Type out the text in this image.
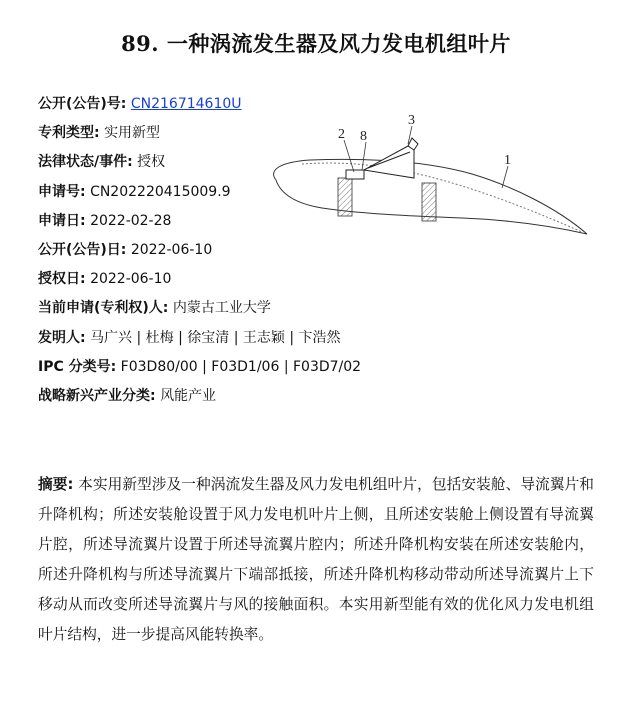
89. 一种涡流发生器及风力发电机组叶片
公开(公告)号: CN216714610U
专利类型: 实用新型
法律状态/事件: 授权
申请号: CN202220415009.9
申请日: 2022-02-28
公开(公告)日: 2022-06-10
授权日: 2022-06-10
当前申请(专利权)人: 内蒙古工业大学
发明人: 马广兴 | 杜梅 | 徐宝清 | 王志颖 | 卞浩然
IPC 分类号: F03D80/00 | F03D1/06 | F03D7/02
战略新兴产业分类: 风能产业
2 8
3
1
摘要: 本实用新型涉及一种涡流发生器及风力发电机组叶片，包括安装舱、导流翼片和升降机构；所述安装舱设置于风力发电机叶片上侧，且所述安装舱上侧设置有导流翼片腔，所述导流翼片设置于所述导流翼片腔内；所述升降机构安装在所述安装舱内，所述升降机构与所述导流翼片下端部抵接，所述升降机构移动带动所述导流翼片上下移动从而改变所述导流翼片与风的接触面积。本实用新型能有效的优化风力发电机组叶片结构，进一步提高风能转换率。
